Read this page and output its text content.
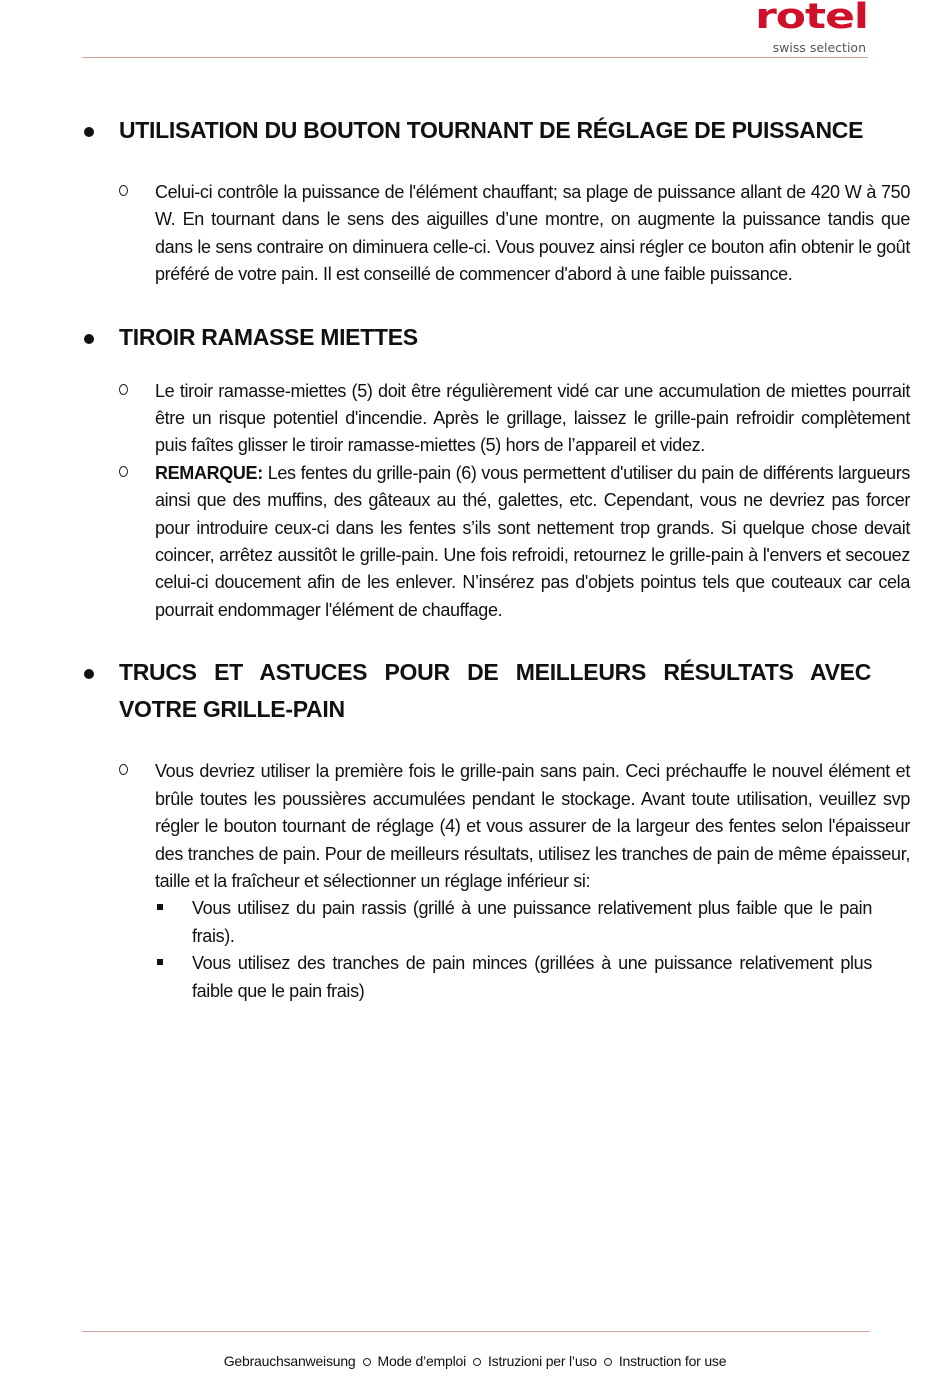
rotel
swiss selection
UTILISATION DU BOUTON TOURNANT DE RÉGLAGE DE PUISSANCE
Celui-ci contrôle la puissance de l'élément chauffant; sa plage de puissance allant de 420 W à 750 W. En tournant dans le sens des aiguilles d’une montre, on augmente la puissance tandis que dans le sens contraire on diminuera celle-ci. Vous pouvez ainsi régler ce bouton afin obtenir le goût préféré de votre pain. Il est conseillé de commencer d'abord à une faible puissance.
TIROIR RAMASSE MIETTES
Le tiroir ramasse-miettes (5) doit être régulièrement vidé car une accumulation de miettes pourrait être un risque potentiel d'incendie. Après le grillage, laissez le grille-pain refroidir complètement puis faîtes glisser le tiroir ramasse-miettes (5) hors de l’appareil et videz.
REMARQUE: Les fentes du grille-pain (6) vous permettent d'utiliser du pain de différents largueurs ainsi que des muffins, des gâteaux au thé, galettes, etc. Cependant, vous ne devriez pas forcer pour introduire ceux-ci dans les fentes s’ils sont nettement trop grands. Si quelque chose devait coincer, arrêtez aussitôt le grille-pain. Une fois refroidi, retournez le grille-pain à l'envers et secouez celui-ci doucement afin de les enlever. N’insérez pas d'objets pointus tels que couteaux car cela pourrait endommager l'élément de chauffage.
TRUCS ET ASTUCES POUR DE MEILLEURS RÉSULTATS AVEC VOTRE GRILLE-PAIN
Vous devriez utiliser la première fois le grille-pain sans pain. Ceci préchauffe le nouvel élément et brûle toutes les poussières accumulées pendant le stockage. Avant toute utilisation, veuillez svp régler le bouton tournant de réglage (4) et vous assurer de la largeur des fentes selon l'épaisseur des tranches de pain. Pour de meilleurs résultats, utilisez les tranches de pain de même épaisseur, taille et la fraîcheur et sélectionner un réglage inférieur si:
Vous utilisez du pain rassis (grillé à une puissance relativement plus faible que le pain frais).
Vous utilisez des tranches de pain minces (grillées à une puissance relativement plus faible que le pain frais)
Gebrauchsanweisung Mode d’emploi Istruzioni per l’uso Instruction for use
